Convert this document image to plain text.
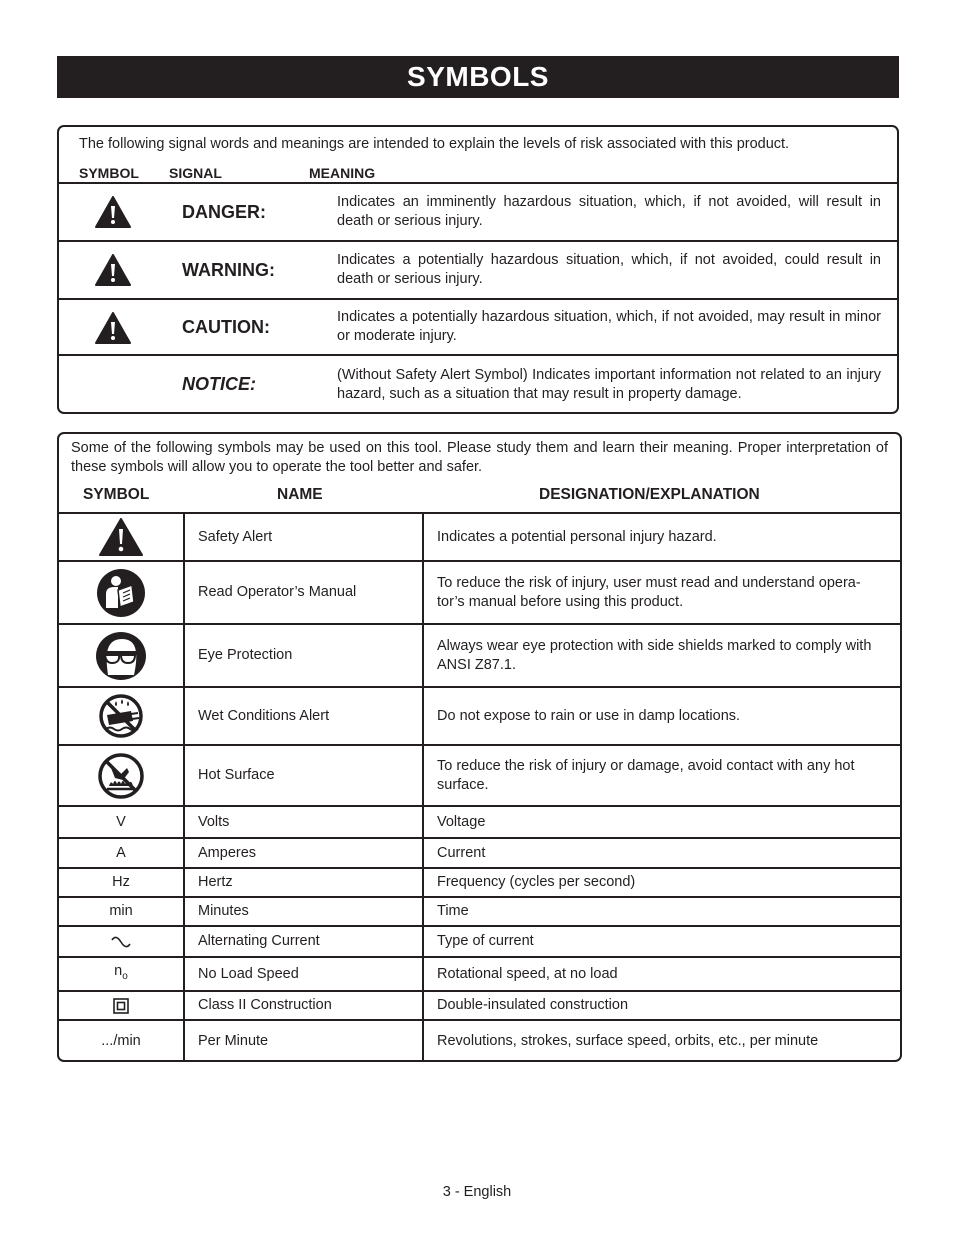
SYMBOLS
The following signal words and meanings are intended to explain the levels of risk associated with this product.
SYMBOL SIGNAL	MEANING
DANGER:	Indicates an imminently hazardous situation, which, if not avoided, will result in death or serious injury.
WARNING:	Indicates a potentially hazardous situation, which, if not avoided, could result in death or serious injury.
CAUTION:	Indicates a potentially hazardous situation, which, if not avoided, may result in minor or moderate injury.
NOTICE:	(Without Safety Alert Symbol) Indicates important information not related to an injury hazard, such as a situation that may result in property damage.
Some of the following symbols may be used on this tool. Please study them and learn their meaning. Proper interpretation of these symbols will allow you to operate the tool better and safer.
SYMBOL	NAME	DESIGNATION/EXPLANATION
	Safety Alert	Indicates a potential personal injury hazard.

	Read Operator’s Manual	To reduce the risk of injury, user must read and understand opera-tor’s manual before using this product.

	Eye Protection	Always wear eye protection with side shields marked to comply with ANSI Z87.1.

	Wet Conditions Alert	Do not expose to rain or use in damp locations.

	Hot Surface	To reduce the risk of injury or damage, avoid contact with any hot surface.
V	Volts	Voltage
A	Amperes	Current
Hz	Hertz	Frequency (cycles per second)
min	Minutes	Time

	Alternating Current	Type of current
$n_o$	No Load Speed	Rotational speed, at no load

	Class II Construction	Double-insulated construction
.../min	Per Minute	Revolutions, strokes, surface speed, orbits, etc., per minute
3 - English
